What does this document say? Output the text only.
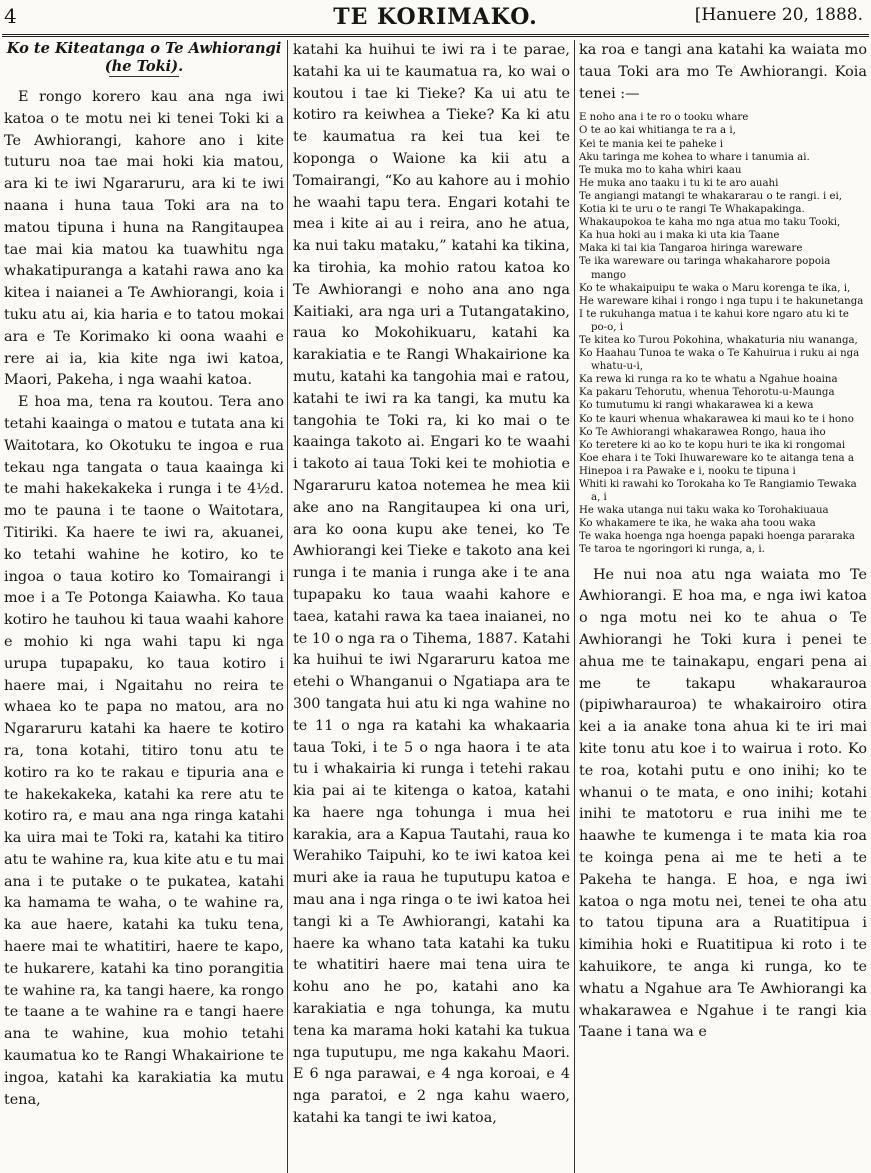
4	TE KORIMAKO.	[Hanuere 20, 1888.

Ko te Kiteatanga o Te Awhiorangi (he Toki).

E rongo korero kau ana nga iwi katoa o te motu nei ki tenei Toki ki a Te Awhiorangi, kahore ano i kite tuturu noa tae mai hoki kia matou, ara ki te iwi Ngararuru, ara ki te iwi naana i huna taua Toki ara na to matou tipuna i huna na Rangitaupea tae mai kia matou ka tuawhitu nga whakatipuranga a katahi rawa ano ka kitea i naianei a Te Awhiorangi, koia i tuku atu ai, kia haria e to tatou mokai ara e Te Korimako ki oona waahi e rere ai ia, kia kite nga iwi katoa, Maori, Pakeha, i nga waahi katoa.

E hoa ma, tena ra koutou. Tera ano tetahi kaainga o matou e tutata ana ki Waitotara, ko Okotuku te ingoa e rua tekau nga tangata o taua kaainga ki te mahi hakekakeka i runga i te 4½d. mo te pauna i te taone o Waitotara, Titiriki. Ka haere te iwi ra, akuanei, ko tetahi wahine he kotiro, ko te ingoa o taua kotiro ko Tomairangi i moe i a Te Potonga Kaiawha. Ko taua kotiro he tauhou ki taua waahi kahore e mohio ki nga wahi tapu ki nga urupa tupapaku, ko taua kotiro i haere mai, i Ngaitahu no reira te whaea ko te papa no matou, ara no Ngararuru katahi ka haere te kotiro ra, tona kotahi, titiro tonu atu te kotiro ra ko te rakau e tipuria ana e te hakekakeka, katahi ka rere atu te kotiro ra, e mau ana nga ringa katahi ka uira mai te Toki ra, katahi ka titiro atu te wahine ra, kua kite atu e tu mai ana i te putake o te pukatea, katahi ka hamama te waha, o te wahine ra, ka aue haere, katahi ka tuku tena, haere mai te whatitiri, haere te kapo, te hukarere, katahi ka tino porangitia te wahine ra, ka tangi haere, ka rongo te taane a te wahine ra e tangi haere ana te wahine, kua mohio tetahi kaumatua ko te Rangi Whakairione te ingoa, katahi ka karakiatia ka mutu tena,

katahi ka huihui te iwi ra i te parae, katahi ka ui te kaumatua ra, ko wai o koutou i tae ki Tieke? Ka ui atu te kotiro ra keiwhea a Tieke? Ka ki atu te kaumatua ra kei tua kei te koponga o Waione ka kii atu a Tomairangi, “Ko au kahore au i mohio he waahi tapu tera. Engari kotahi te mea i kite ai au i reira, ano he atua, ka nui taku mataku,” katahi ka tikina, ka tirohia, ka mohio ratou katoa ko Te Awhiorangi e noho ana ano nga Kaitiaki, ara nga uri a Tutangatakino, raua ko Mokohikuaru, katahi ka karakiatia e te Rangi Whakairione ka mutu, katahi ka tangohia mai e ratou, katahi te iwi ra ka tangi, ka mutu ka tangohia te Toki ra, ki ko mai o te kaainga takoto ai. Engari ko te waahi i takoto ai taua Toki kei te mohiotia e Ngararuru katoa notemea he mea kii ake ano na Rangitaupea ki ona uri, ara ko oona kupu ake tenei, ko Te Awhiorangi kei Tieke e takoto ana kei runga i te mania i runga ake i te ana tupapaku ko taua waahi kahore e taea, katahi rawa ka taea inaianei, no te 10 o nga ra o Tihema, 1887. Katahi ka huihui te iwi Ngararuru katoa me etehi o Whanganui o Ngatiapa ara te 300 tangata hui atu ki nga wahine no te 11 o nga ra katahi ka whakaaria taua Toki, i te 5 o nga haora i te ata tu i whakairia ki runga i tetehi rakau kia pai ai te kitenga o katoa, katahi ka haere nga tohunga i mua hei karakia, ara a Kapua Tautahi, raua ko Werahiko Taipuhi, ko te iwi katoa kei muri ake ia raua he tuputupu katoa e mau ana i nga ringa o te iwi katoa hei tangi ki a Te Awhiorangi, katahi ka haere ka whano tata katahi ka tuku te whatitiri haere mai tena uira te kohu ano he po, katahi ano ka karakiatia e nga tohunga, ka mutu tena ka marama hoki katahi ka tukua nga tuputupu, me nga kakahu Maori. E 6 nga parawai, e 4 nga koroai, e 4 nga paratoi, e 2 nga kahu waero, katahi ka tangi te iwi katoa,

ka roa e tangi ana katahi ka waiata mo taua Toki ara mo Te Awhiorangi. Koia tenei :—

E noho ana i te ro o tooku whare
O te ao kai whitianga te ra a i,
Kei te mania kei te paheke i
Aku taringa me kohea to whare i tanumia ai.
Te muka mo to kaha whiri kaau
He muka ano taaku i tu ki te aro auahi
Te angiangi matangi te whakararau o te rangi. i ei,
Kotia ki te uru o te rangi Te Whakapakinga.
Whakaupokoa te kaha mo nga atua mo taku Tooki,
Ka hua hoki au i maka ki uta kia Taane
Maka ki tai kia Tangaroa hiringa wareware
Te ika wareware ou taringa whakaharore popoia mango
Ko te whakaipuipu te waka o Maru korenga te ika, i,
He wareware kihai i rongo i nga tupu i te hakunetanga
I te rukuhanga matua i te kahui kore ngaro atu ki te po-o, i
Te kitea ko Turou Pokohina, whakaturia niu wananga,
Ko Haahau Tunoa te waka o Te Kahuirua i ruku ai nga whatu-u-i,
Ka rewa ki runga ra ko te whatu a Ngahue hoaina
Ka pakaru Tehorutu, whenua Tehorotu-u-Maunga
Ko tumutumu ki rangi whakarawea ki a kewa
Ko te kauri whenua whakarawea ki maui ko te i hono
Ko Te Awhiorangi whakarawea Rongo, haua iho
Ko teretere ki ao ko te kopu huri te ika ki rongomai
Koe ehara i te Toki Ihuwareware ko te aitanga tena a
Hinepoa i ra Pawake e i, nooku te tipuna i
Whiti ki rawahi ko Torokaha ko Te Rangiamio Tewaka a, i
He waka utanga nui taku waka ko Torohakiuaua
Ko whakamere te ika, he waka aha toou waka
Te waka hoenga nga hoenga papaki hoenga pararaka
Te taroa te ngoringori ki runga, a, i.

He nui noa atu nga waiata mo Te Awhiorangi. E hoa ma, e nga iwi katoa o nga motu nei ko te ahua o Te Awhiorangi he Toki kura i penei te ahua me te tainakapu, engari pena ai me te takapu whakarauroa (pipiwharauroa) te whakairoiro otira kei a ia anake tona ahua ki te iri mai kite tonu atu koe i to wairua i roto. Ko te roa, kotahi putu e ono inihi; ko te whanui o te mata, e ono inihi; kotahi inihi te matotoru e rua inihi me te haawhe te kumenga i te mata kia roa te koinga pena ai me te heti a te Pakeha te hanga. E hoa, e nga iwi katoa o nga motu nei, tenei te oha atu to tatou tipuna ara a Ruatitipua i kimihia hoki e Ruatitipua ki roto i te kahuikore, te anga ki runga, ko te whatu a Ngahue ara Te Awhiorangi ka whakarawea e Ngahue i te rangi kia Taane i tana wa e
